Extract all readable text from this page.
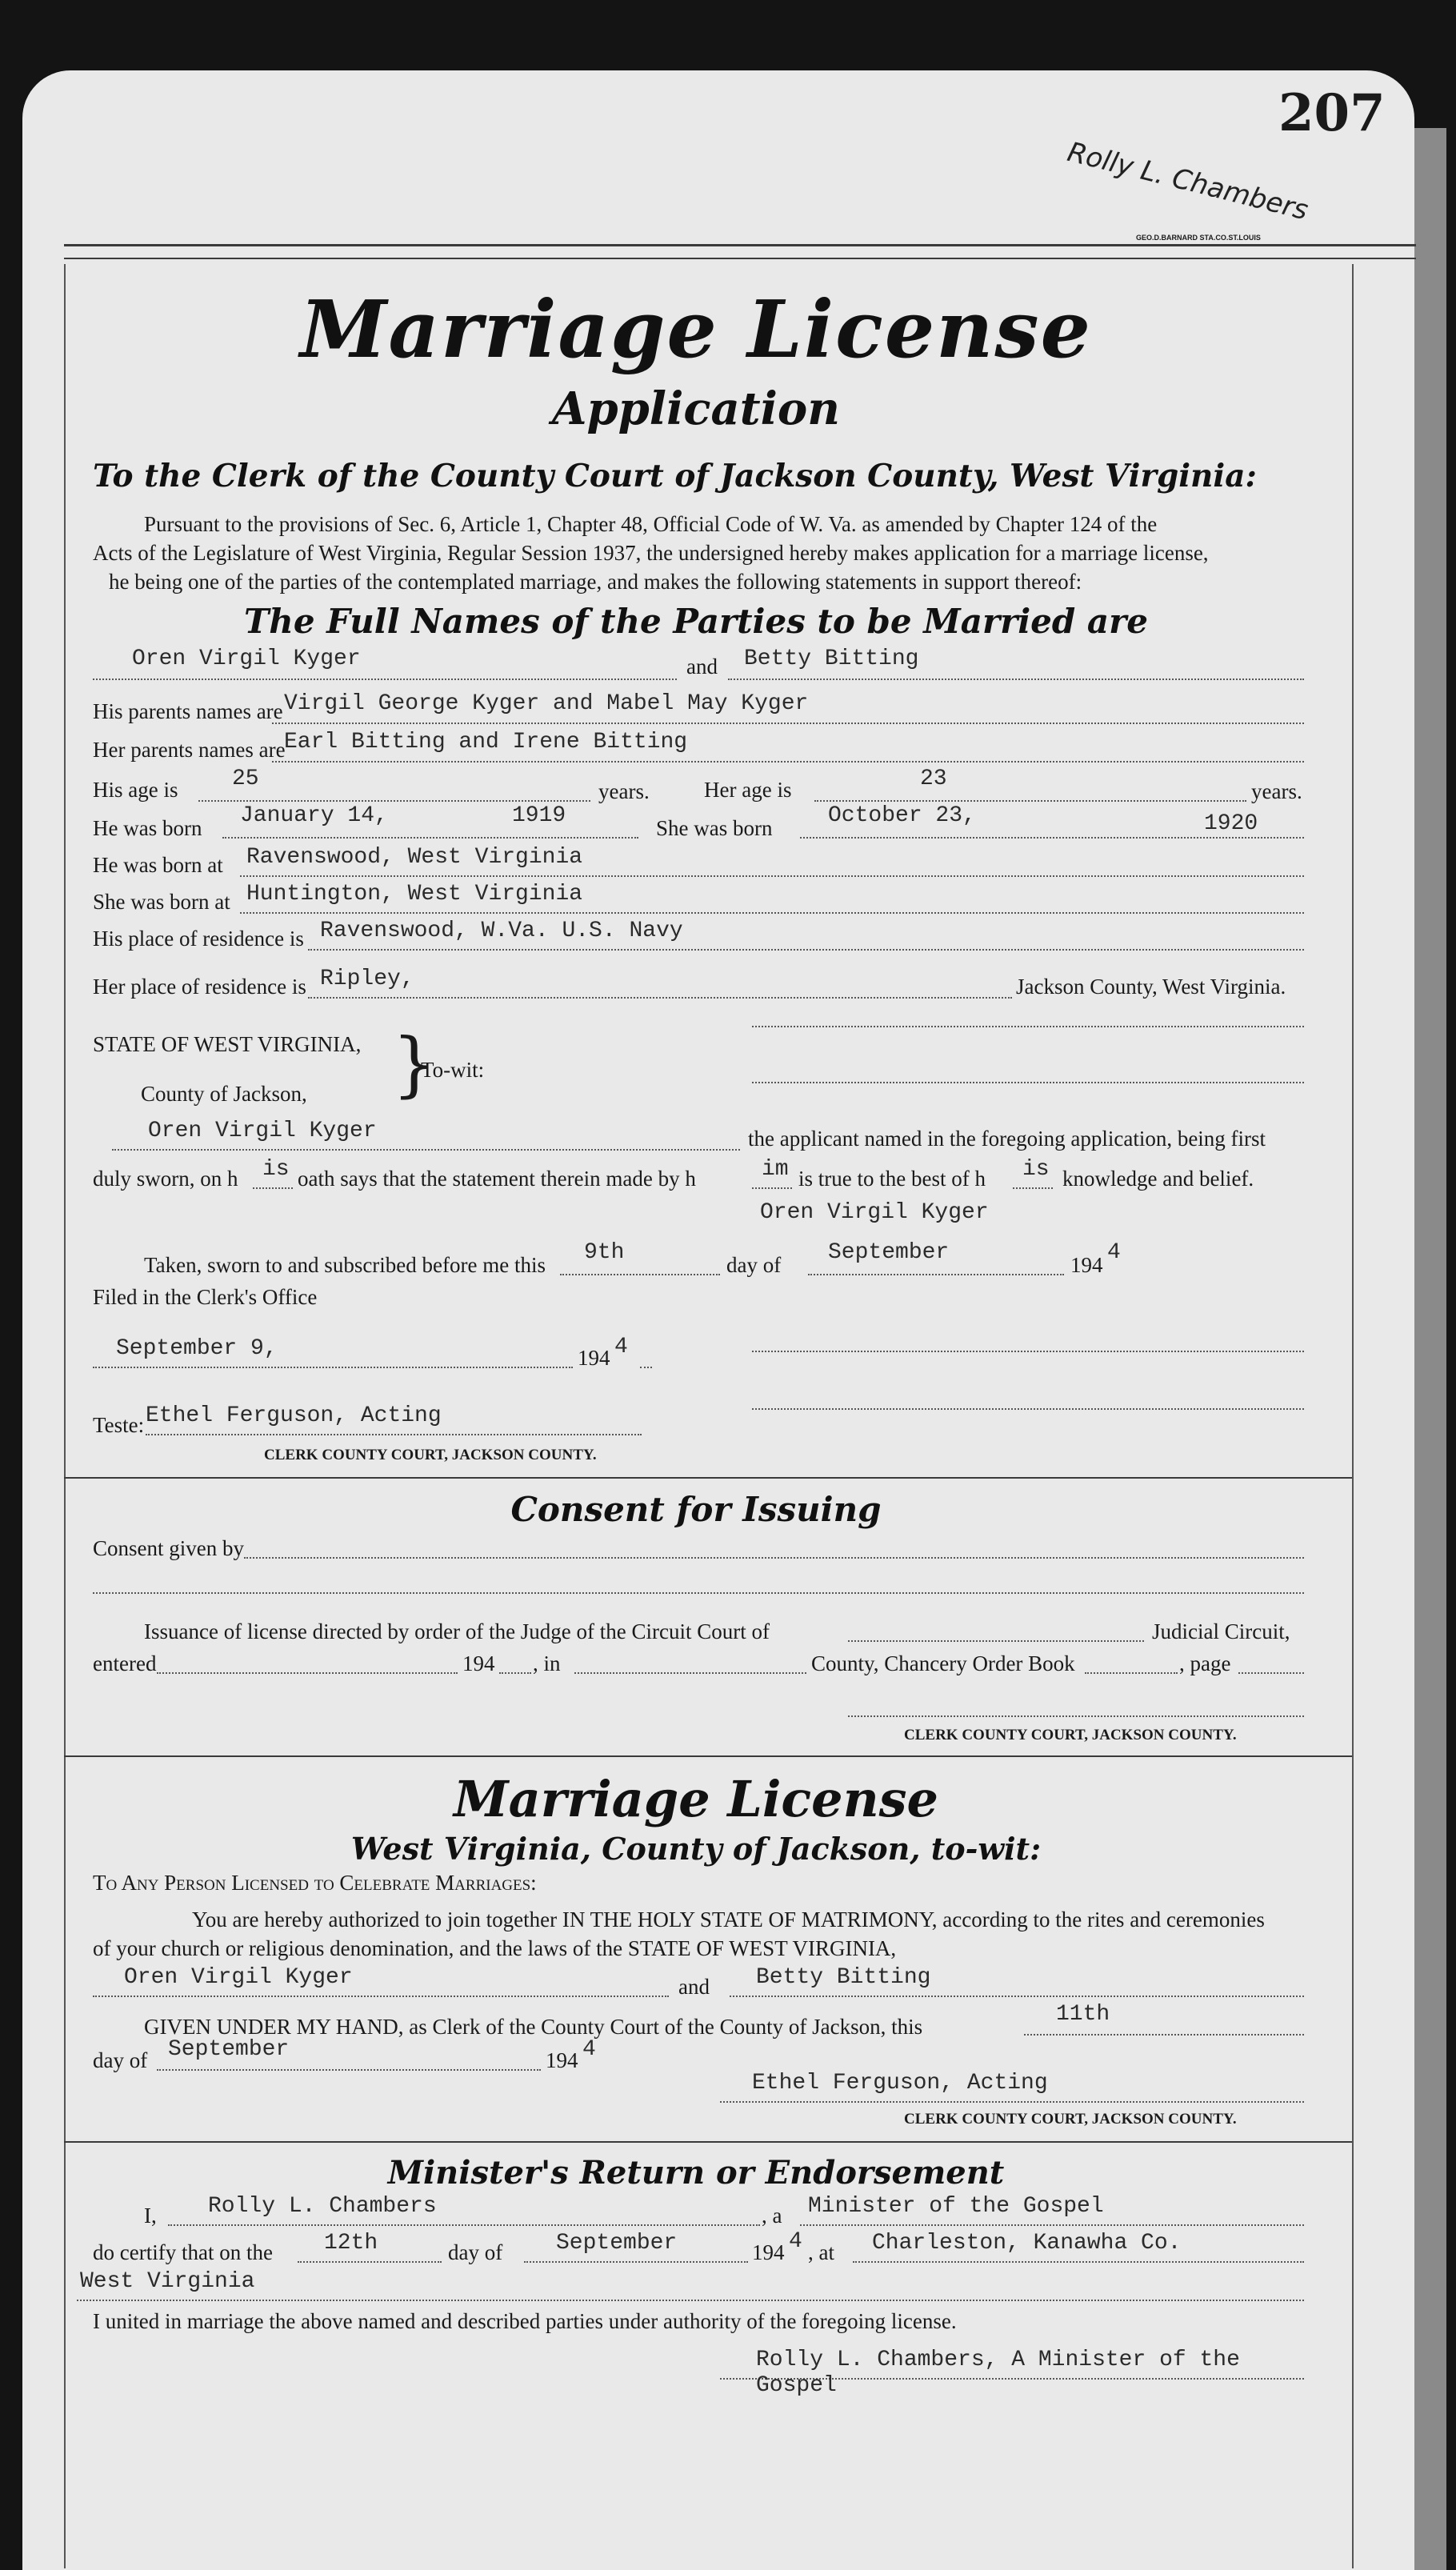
207
GEO.D.BARNARD STA.CO.ST.LOUIS
Rolly L. Chambers
Marriage License
Application
To the Clerk of the County Court of Jackson County, West Virginia:
Pursuant to the provisions of Sec. 6, Article 1, Chapter 48, Official Code of W. Va. as amended by Chapter 124 of the
Acts of the Legislature of West Virginia, Regular Session 1937, the undersigned hereby makes application for a marriage license,
he being one of the parties of the contemplated marriage, and makes the following statements in support thereof:
The Full Names of the Parties to be Married are
Oren Virgil Kyger	and Betty Bitting
His parents names are Virgil George Kyger and Mabel May Kyger
Her parents names are
Earl Bitting and Irene Bitting
His age is 25	years.	Her age is	23	years.
He was born January 14,	1919	She was born October 23,	1920
He was born at Ravenswood, West Virginia
She was born at Huntington, West Virginia
His place of residence is Ravenswood, W.Va. U.S. Navy
Her place of residence is Ripley,	Jackson County, West Virginia.
STATE OF WEST VIRGINIA, }
To-wit:
County of Jackson,
Oren Virgil Kyger	the applicant named in the foregoing application, being first
duly sworn, on h is oath says that the statement therein made by h	im is true to the best of h is knowledge and belief.
Oren Virgil Kyger
Taken, sworn to and subscribed before me this 9th	day of September	194 4
Filed in the Clerk's Office
September 9,	194 4
Teste: Ethel Ferguson, Acting
CLERK COUNTY COURT, JACKSON COUNTY.
Consent for Issuing
Consent given by
Issuance of license directed by order of the Judge of the Circuit Court of	Judicial Circuit,
entered	194 , in	County, Chancery Order Book	, page
CLERK COUNTY COURT, JACKSON COUNTY.
Marriage License
West Virginia, County of Jackson, to-wit:
To Any Person Licensed to Celebrate Marriages:
You are hereby authorized to join together IN THE HOLY STATE OF MATRIMONY, according to the rites and ceremonies
of your church or religious denomination, and the laws of the STATE OF WEST VIRGINIA,
Oren Virgil Kyger	and Betty Bitting
GIVEN UNDER MY HAND, as Clerk of the County Court of the County of Jackson, this	11th
day of September	194 4
Ethel Ferguson, Acting
CLERK COUNTY COURT, JACKSON COUNTY.
Minister's Return or Endorsement
I, Rolly L. Chambers	, a Minister of the Gospel
do certify that on the 12th	day of September	194 4 , at Charleston, Kanawha Co.
West Virginia
I united in marriage the above named and described parties under authority of the foregoing license.
Rolly L. Chambers, A Minister of the
Gospel
